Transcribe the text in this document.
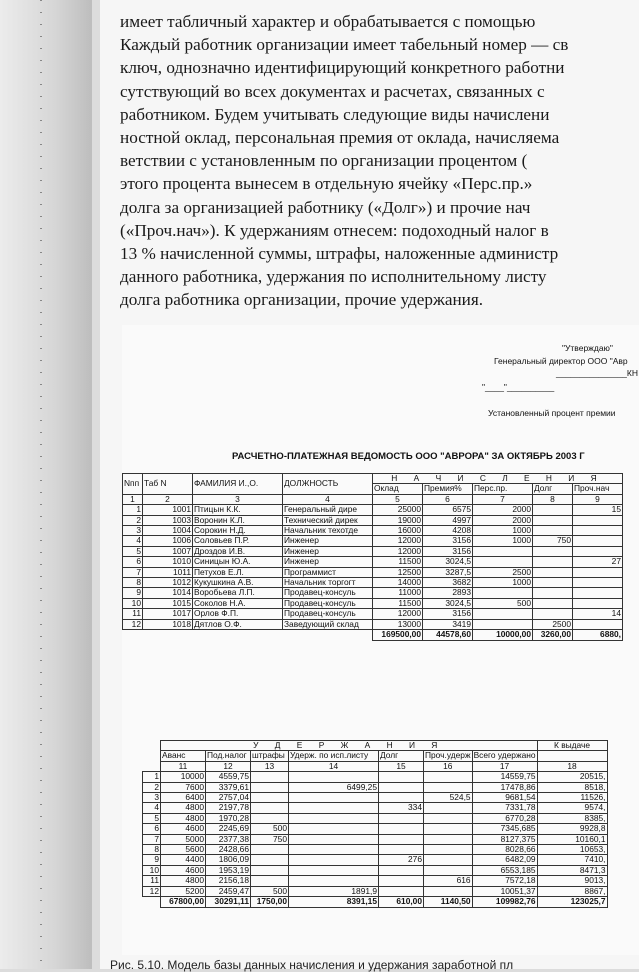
имеет табличный характер и обрабатывается с помощью
Каждый работник организации имеет табельный номер — св
ключ, однозначно идентифицирующий конкретного работни
сутствующий во всех документах и расчетах, связанных с
работником. Будем учитывать следующие виды начислени
ностной оклад, персональная премия от оклада, начисляема
ветствии с установленным по организации процентом (
этого процента вынесем в отдельную ячейку «Перс.пр.»
долга за организацией работнику («Долг») и прочие нач
(«Проч.нач»). К удержаниям отнесем: подоходный налог в
13 % начисленной суммы, штрафы, наложенные администр
данного работника, удержания по исполнительному листу
долга работника организации, прочие удержания.
"Утверждаю"
Генеральный директор ООО "Авр
_______________КН
"____"__________
Установленный процент премии
РАСЧЕТНО-ПЛАТЕЖНАЯ ВЕДОМОСТЬ ООО "АВРОРА" ЗА ОКТЯБРЬ 2003 Г
Nпп	Таб N	ФАМИЛИЯ И.,О.	ДОЛЖНОСТЬ	Н А Ч И С Л Е Н И Я				
				Оклад	Премия%	Перс.пр.	Долг	Проч.нач
1	2	3	4	5	6	7	8	9
1	1001	Птицын К.К.	Генеральный дире	25000	6575	2000		15
2	1003	Воронин К.Л.	Технический дирек	19000	4997	2000		
3	1004	Сорокин Н.Д.	Начальник техотде	16000	4208	1000		
4	1006	Соловьев П.Р.	Инженер	12000	3156	1000	750	
5	1007	Дроздов И.В.	Инженер	12000	3156			
6	1010	Синицын Ю.А.	Инженер	11500	3024,5			27
7	1011	Петухов Е.Л.	Программист	12500	3287,5	2500		
8	1012	Кукушкина А.В.	Начальник торгогт	14000	3682	1000		
9	1014	Воробьева Л.П.	Продавец-консуль	11000	2893			
10	1015	Соколов Н.А.	Продавец-консуль	11500	3024,5	500		
11	1017	Орлов Ф.П.	Продавец-консуль	12000	3156			14
12	1018	Дятлов О.Ф.	Заведующий склад	13000	3419		2500	
				169500,00	44578,60	10000,00	3260,00	6880,
	У Д Е Р Ж А Н И Я							К выдаче
	Аванс	Под.налог	штрафы	Удерж. по исп.листу	Долг	Проч.удерж	Всего удержано	
	11	12	13	14	15	16	17	18
1	10000	4559,75					14559,75	20515,
2	7600	3379,61		6499,25			17478,86	8518,
3	6400	2757,04				524,5	9681,54	11526,
4	4800	2197,78			334		7331,78	9574,
5	4800	1970,28					6770,28	8385,
6	4600	2245,69	500				7345,685	9928,8
7	5000	2377,38	750				8127,375	10160,1
8	5600	2428,66					8028,66	10653,
9	4400	1806,09			276		6482,09	7410,
10	4600	1953,19					6553,185	8471,3
11	4800	2156,18				616	7572,18	9013,
12	5200	2459,47	500	1891,9			10051,37	8867,
	67800,00	30291,11	1750,00	8391,15	610,00	1140,50	109982,76	123025,7
Рис. 5.10. Модель базы данных начисления и удержания заработной пл
